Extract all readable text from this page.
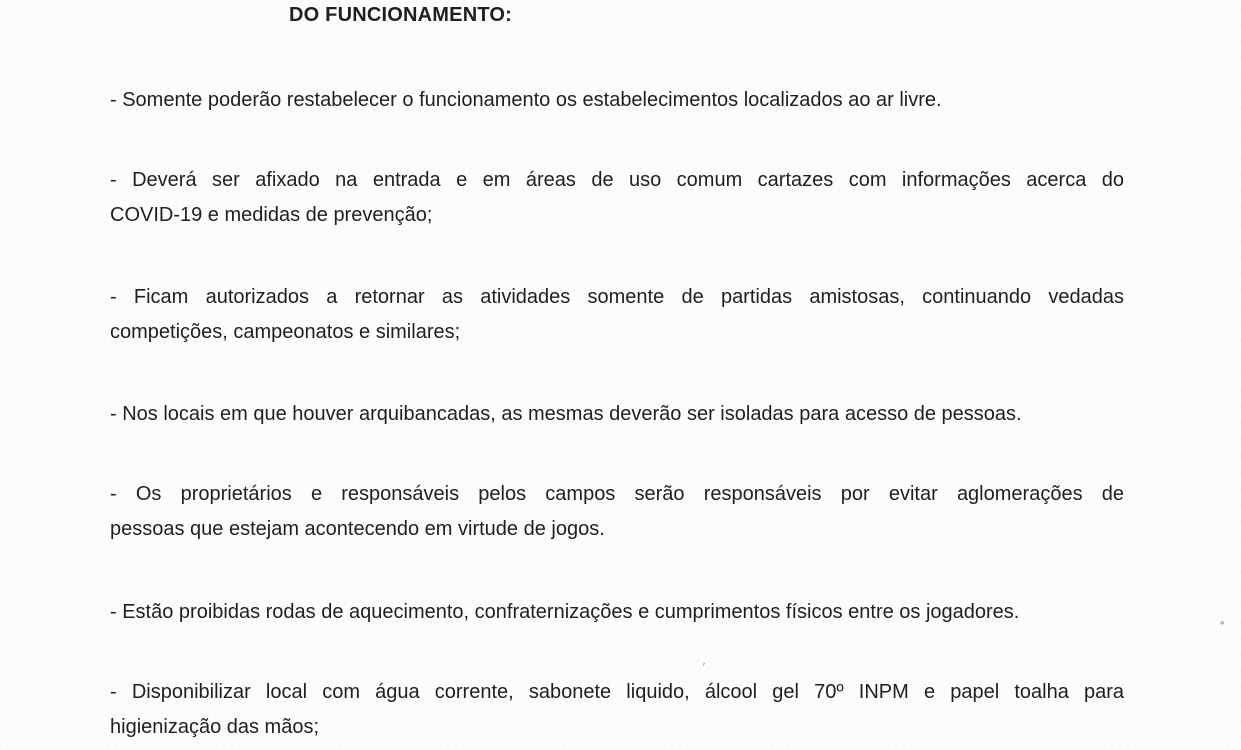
DO FUNCIONAMENTO:
- Somente poderão restabelecer o funcionamento os estabelecimentos localizados ao ar livre.
- Deverá ser afixado na entrada e em áreas de uso comum cartazes com informações acerca do
COVID-19 e medidas de prevenção;
- Ficam autorizados a retornar as atividades somente de partidas amistosas, continuando vedadas
competições, campeonatos e similares;
- Nos locais em que houver arquibancadas, as mesmas deverão ser isoladas para acesso de pessoas.
- Os proprietários e responsáveis pelos campos serão responsáveis por evitar aglomerações de
pessoas que estejam acontecendo em virtude de jogos.
- Estão proibidas rodas de aquecimento, confraternizações e cumprimentos físicos entre os jogadores.
- Disponibilizar local com água corrente, sabonete liquido, álcool gel 70º INPM e papel toalha para
higienização das mãos;
∘
′
